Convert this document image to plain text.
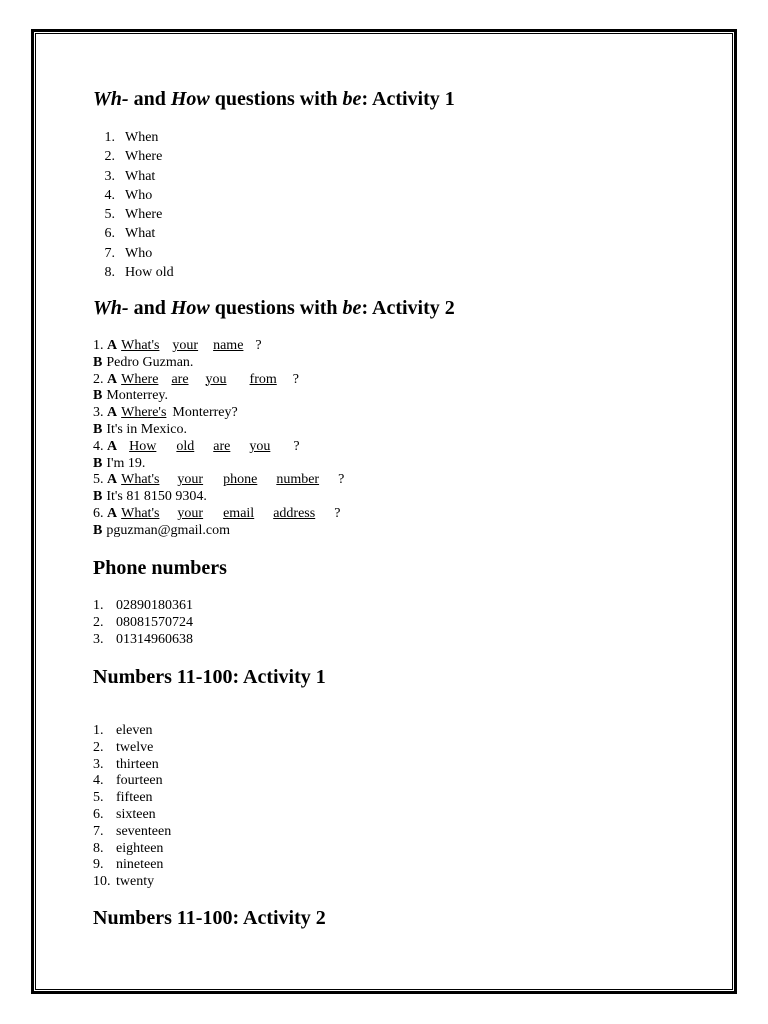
Wh- and How questions with be: Activity 1
1. When
2. Where
3. What
4. Who
5. Where
6. What
7. Who
8. How old
Wh- and How questions with be: Activity 2
1.
A What's your name ?
B Pedro Guzman.
2.
A Where are you from ?
B Monterrey.
3.
A Where's Monterrey?
B It's in Mexico.
4.
A How old are you ?
B I'm 19.
5.
A What's your phone number ?
B It's 81 8150 9304.
6.
A What's your email address ?
B pguzman@gmail.com
Phone numbers
1. 02890180361
2. 08081570724
3. 01314960638
Numbers 11-100: Activity 1
1. eleven
2. twelve
3. thirteen
4. fourteen
5. fifteen
6. sixteen
7. seventeen
8. eighteen
9. nineteen
10. twenty
Numbers 11-100: Activity 2
